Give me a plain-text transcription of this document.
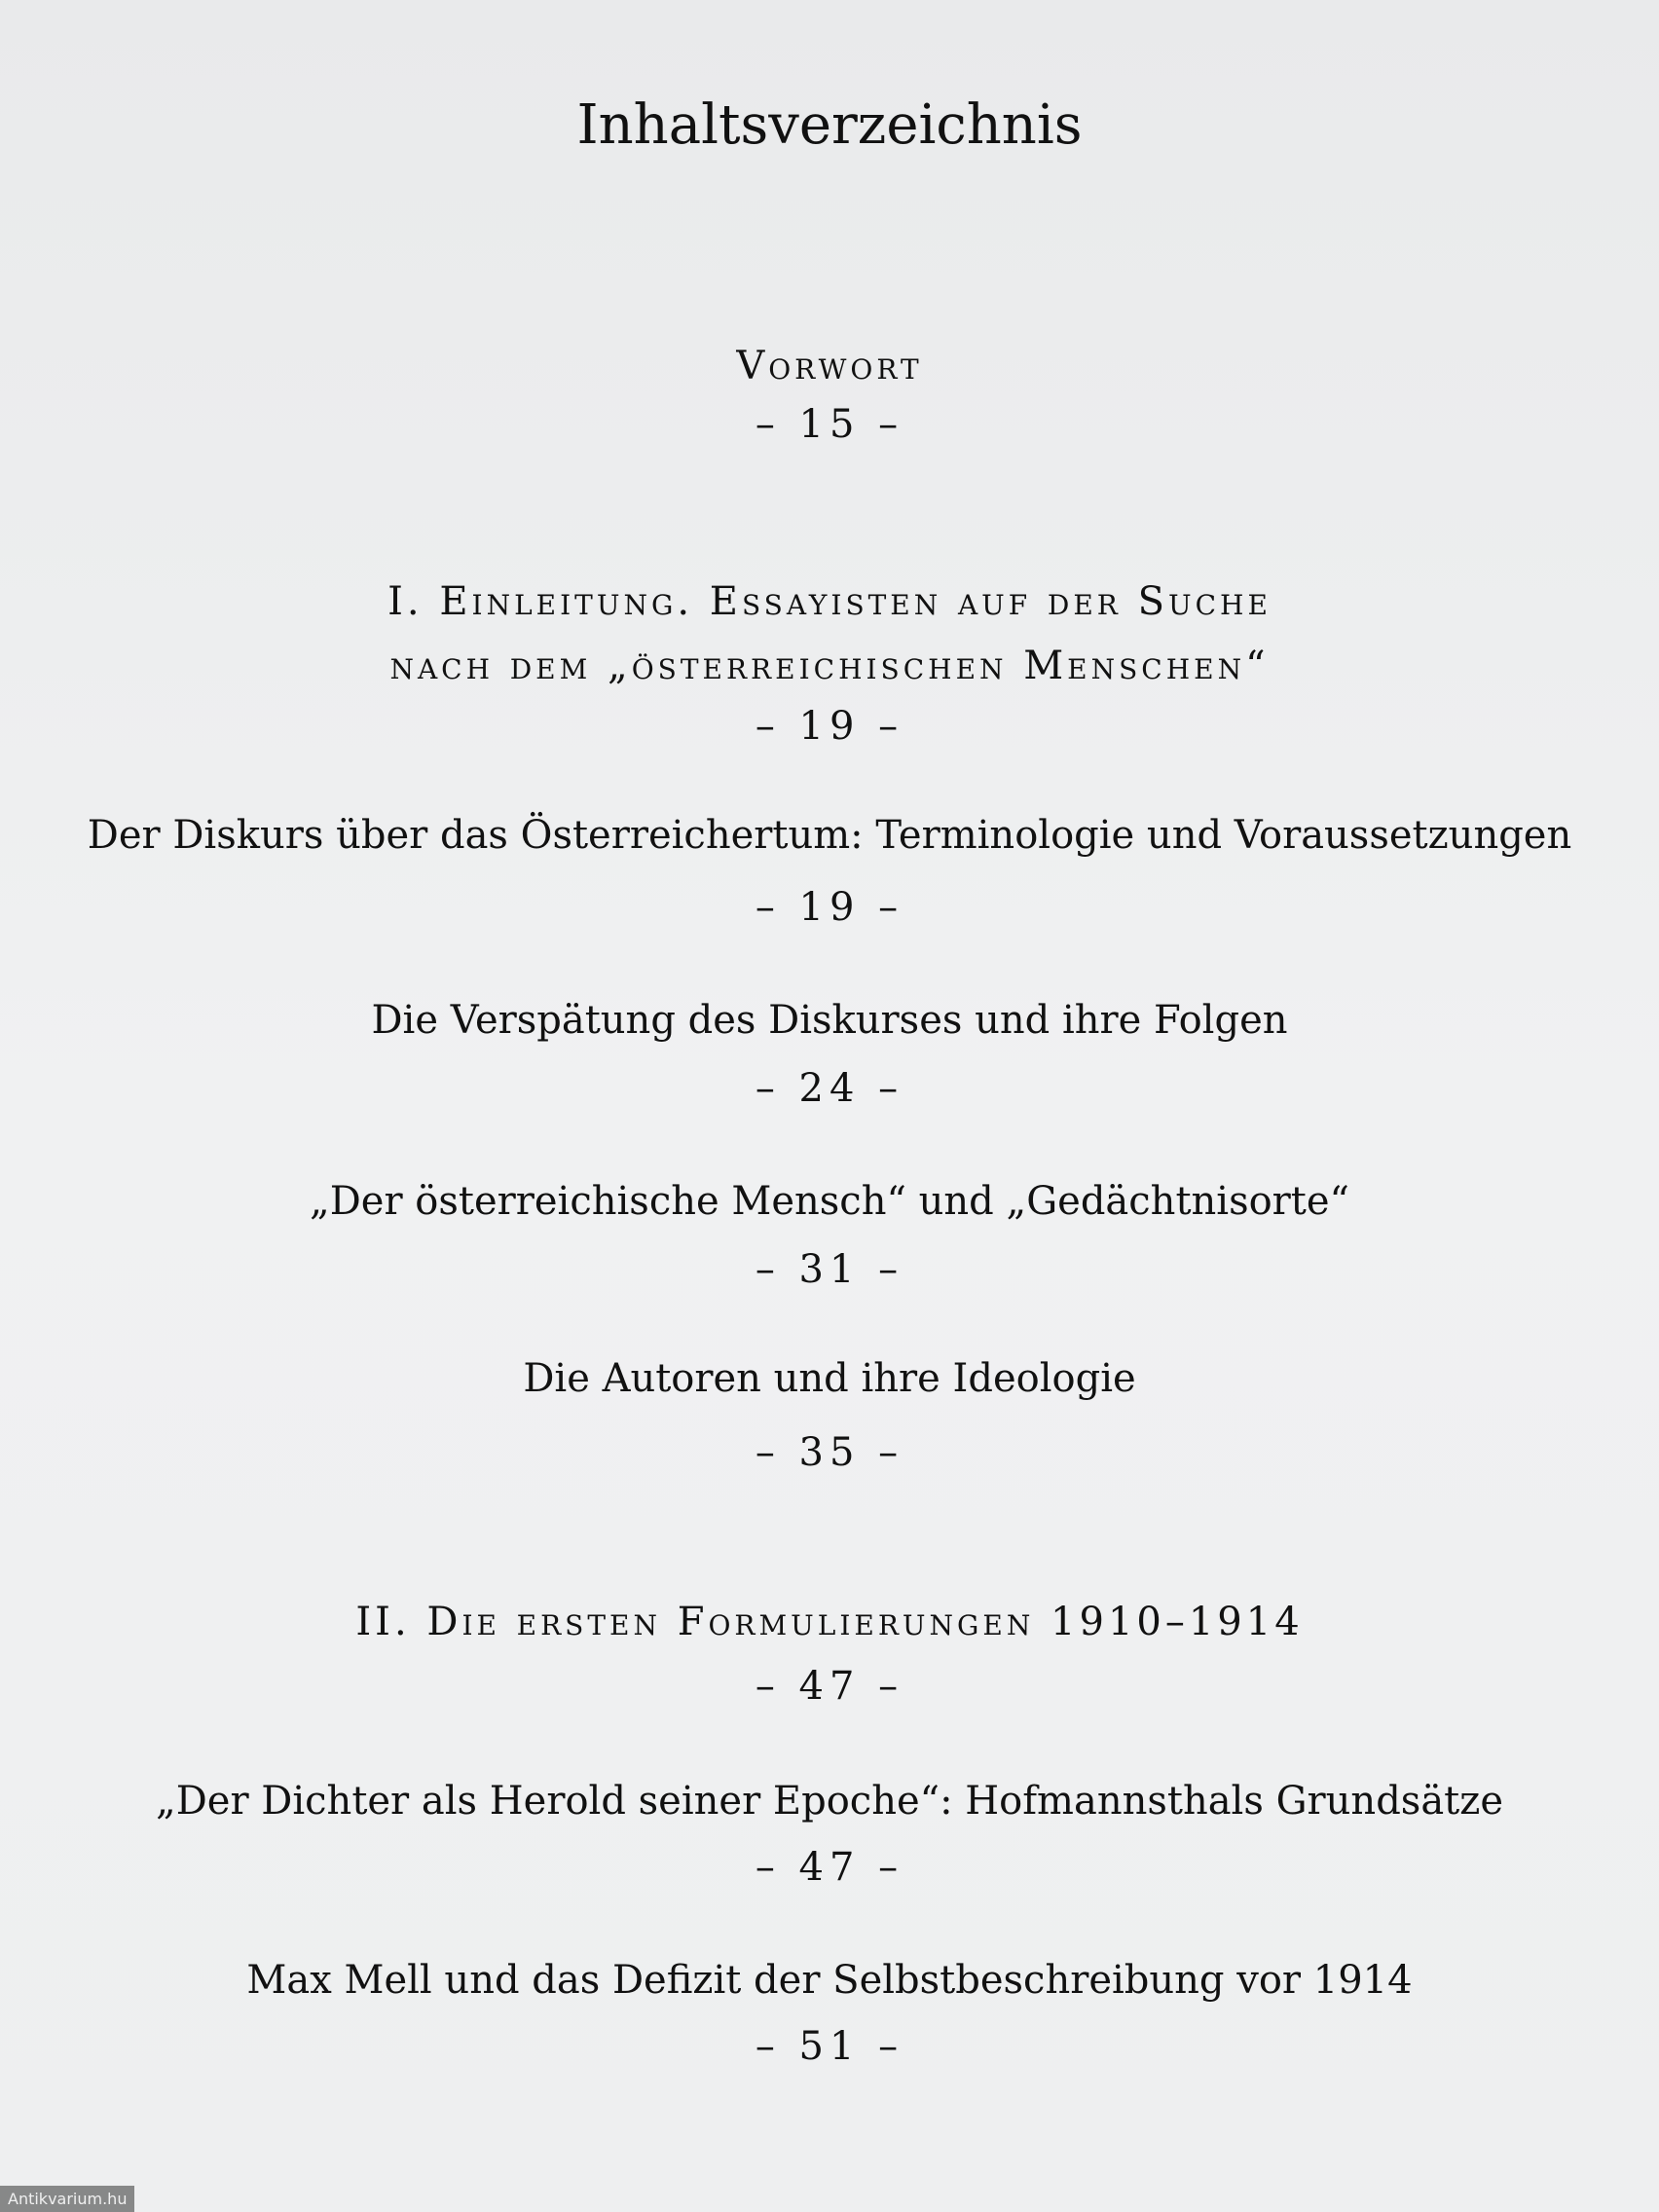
Inhaltsverzeichnis
Vorwort
– 15 –
I. Einleitung. Essayisten auf der Suche
nach dem „österreichischen Menschen“
– 19 –
Der Diskurs über das Österreichertum: Terminologie und Voraussetzungen
– 19 –
Die Verspätung des Diskurses und ihre Folgen
– 24 –
„Der österreichische Mensch“ und „Gedächtnisorte“
– 31 –
Die Autoren und ihre Ideologie
– 35 –
II. Die ersten Formulierungen 1910–1914
– 47 –
„Der Dichter als Herold seiner Epoche“: Hofmannsthals Grundsätze
– 47 –
Max Mell und das Defizit der Selbstbeschreibung vor 1914
– 51 –
Antikvarium.hu
